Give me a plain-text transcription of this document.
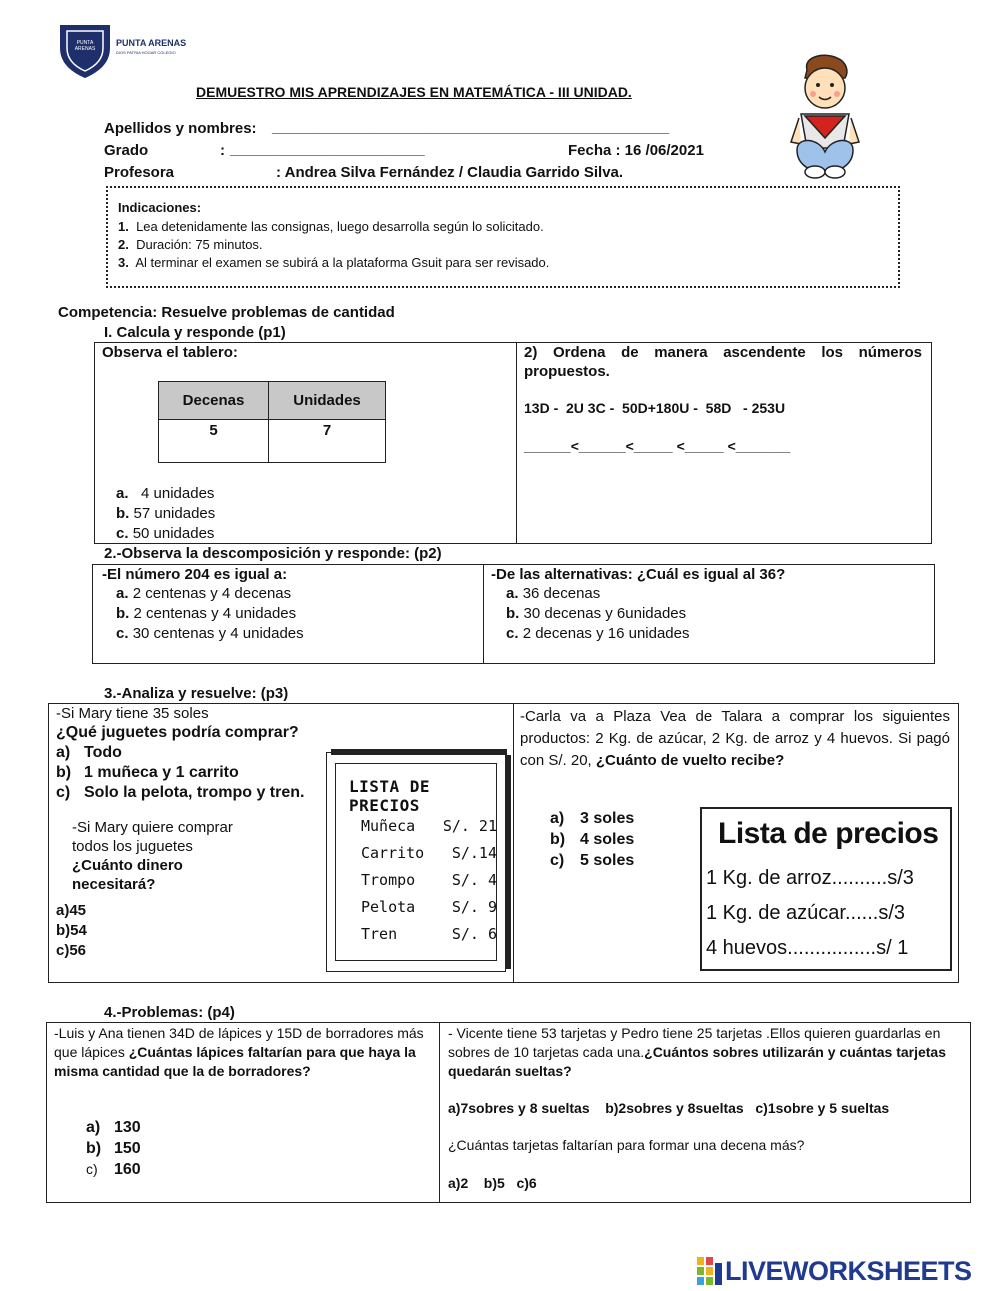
PUNTA ARENAS
PUNTA ARENAS
DIOS PATRIA HOGAR COLEGIO
DEMUESTRO MIS APRENDIZAJES EN MATEMÁTICA - III UNIDAD.
Apellidos y nombres: ___________________________________________________
Grado	: _________________________	Fecha : 16 /06/2021
Profesora	: Andrea Silva Fernández / Claudia Garrido Silva.
Indicaciones:
1. Lea detenidamente las consignas, luego desarrolla según lo solicitado.
2. Duración: 75 minutos.
3.  Al terminar el examen se subirá a la plataforma Gsuit para ser revisado.
Competencia: Resuelve problemas de cantidad
I. Calcula y responde (p1)
Observa el tablero:
Decenas	Unidades
5	7
a.   4 unidades
b. 57 unidades
c. 50 unidades
2) Ordena de manera ascendente los números propuestos.
13D -  2U 3C -  50D+180U -  58D   - 253U
______<______<_____ <_____ <_______
2.-Observa la descomposición y responde: (p2)
-El número 204 es igual a:
a. 2 centenas y 4 decenas
b. 2 centenas y 4 unidades
c. 30 centenas y 4 unidades
-De las alternativas: ¿Cuál es igual al 36?
a. 36 decenas
b. 30 decenas y 6unidades
c. 2 decenas y 16 unidades
3.-Analiza y resuelve: (p3)
-Si Mary tiene 35 soles
¿Qué juguetes podría comprar?
a) Todo
b) 1 muñeca y 1 carrito
c) Solo la pelota, trompo y tren.
-Si Mary quiere comprar
todos los juguetes
¿Cuánto dinero
necesitará?
a)45
b)54
c)56
LISTA DE PRECIOS
Muñeca S/. 21
Carrito S/.14
Trompo S/. 4
Pelota S/. 9
Tren	S/. 6
-Carla va a Plaza Vea de Talara a comprar los siguientes productos: 2 Kg. de azúcar, 2 Kg. de arroz y 4 huevos. Si pagó con S/. 20, ¿Cuánto de vuelto recibe?
a) 3 soles
b) 4 soles
c) 5 soles
Lista de precios
1 Kg. de arroz..........s/3
1 Kg. de azúcar......s/3
4 huevos................s/ 1
4.-Problemas: (p4)
-Luis y Ana tienen 34D de lápices y 15D de borradores más que lápices ¿Cuántas lápices faltarían para que haya la misma cantidad que la de borradores?
a) 130
b) 150
c) 160
- Vicente tiene 53 tarjetas y Pedro tiene 25 tarjetas .Ellos quieren guardarlas en sobres de 10 tarjetas cada una.¿Cuántos sobres utilizarán y cuántas tarjetas quedarán sueltas?
a)7sobres y 8 sueltas    b)2sobres y 8sueltas   c)1sobre y 5 sueltas
¿Cuántas tarjetas faltarían para formar una decena más?
a)2    b)5   c)6
LIVEWORKSHEETS
